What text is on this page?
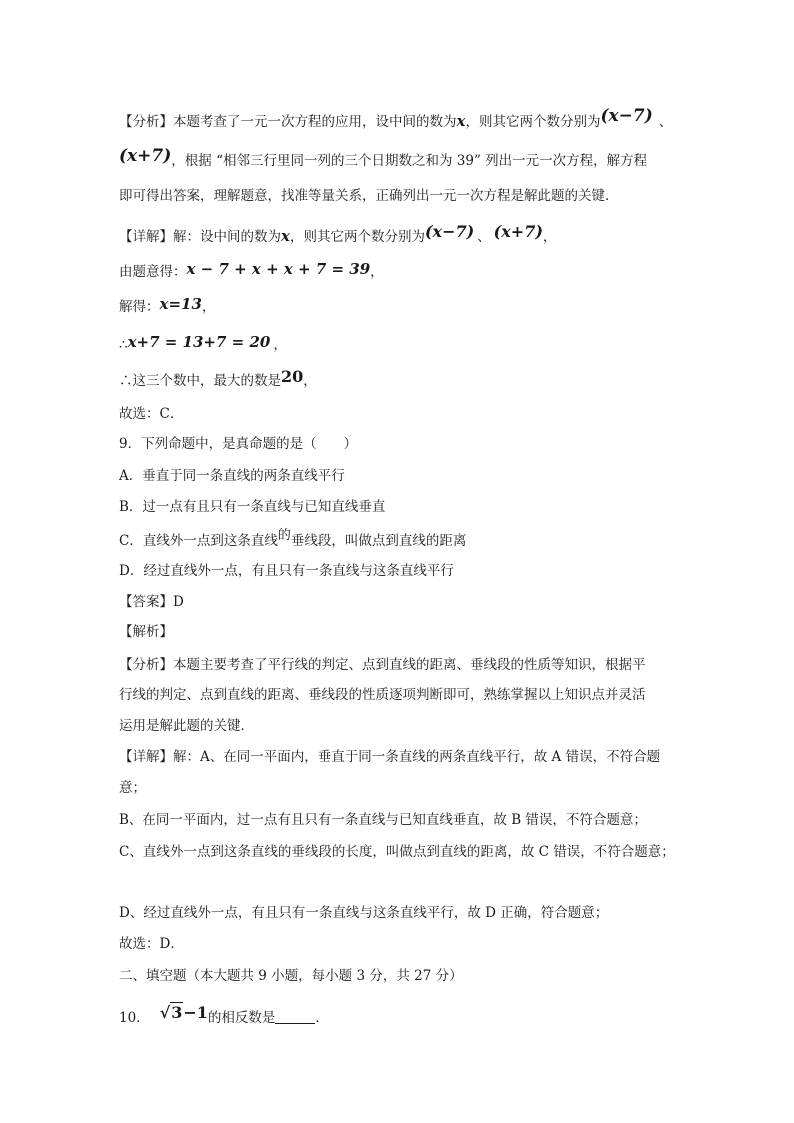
【分析】本题考查了一元一次方程的应用，设中间的数为x，则其它两个数分别为(x−7) 、
(x+7)，根据 “相邻三行里同一列的三个日期数之和为 39” 列出一元一次方程，解方程
即可得出答案，理解题意，找准等量关系，正确列出一元一次方程是解此题的关键．
【详解】解：设中间的数为x，则其它两个数分别为(x−7) 、 (x+7)，
由题意得：x − 7 + x + x + 7 = 39，
解得：x=13，
∴x+7 = 13+7 = 20 ，
∴这三个数中，最大的数是20，
故选：C．
9．下列命题中，是真命题的是（　　）
A．垂直于同一条直线的两条直线平行
B．过一点有且只有一条直线与已知直线垂直
C．直线外一点到这条直线的垂线段，叫做点到直线的距离
D．经过直线外一点，有且只有一条直线与这条直线平行
【答案】D
【解析】
【分析】本题主要考查了平行线的判定、点到直线的距离、垂线段的性质等知识，根据平
行线的判定、点到直线的距离、垂线段的性质逐项判断即可，熟练掌握以上知识点并灵活
运用是解此题的关键．
【详解】解：A、在同一平面内，垂直于同一条直线的两条直线平行，故 A 错误，不符合题
意；
B、在同一平面内，过一点有且只有一条直线与已知直线垂直，故 B 错误，不符合题意；
C、直线外一点到这条直线的垂线段的长度，叫做点到直线的距离，故 C 错误，不符合题意；
D、经过直线外一点，有且只有一条直线与这条直线平行，故 D 正确，符合题意；
故选：D．
二、填空题（本大题共 9 小题，每小题 3 分，共 27 分）
10． √3−1的相反数是	．
